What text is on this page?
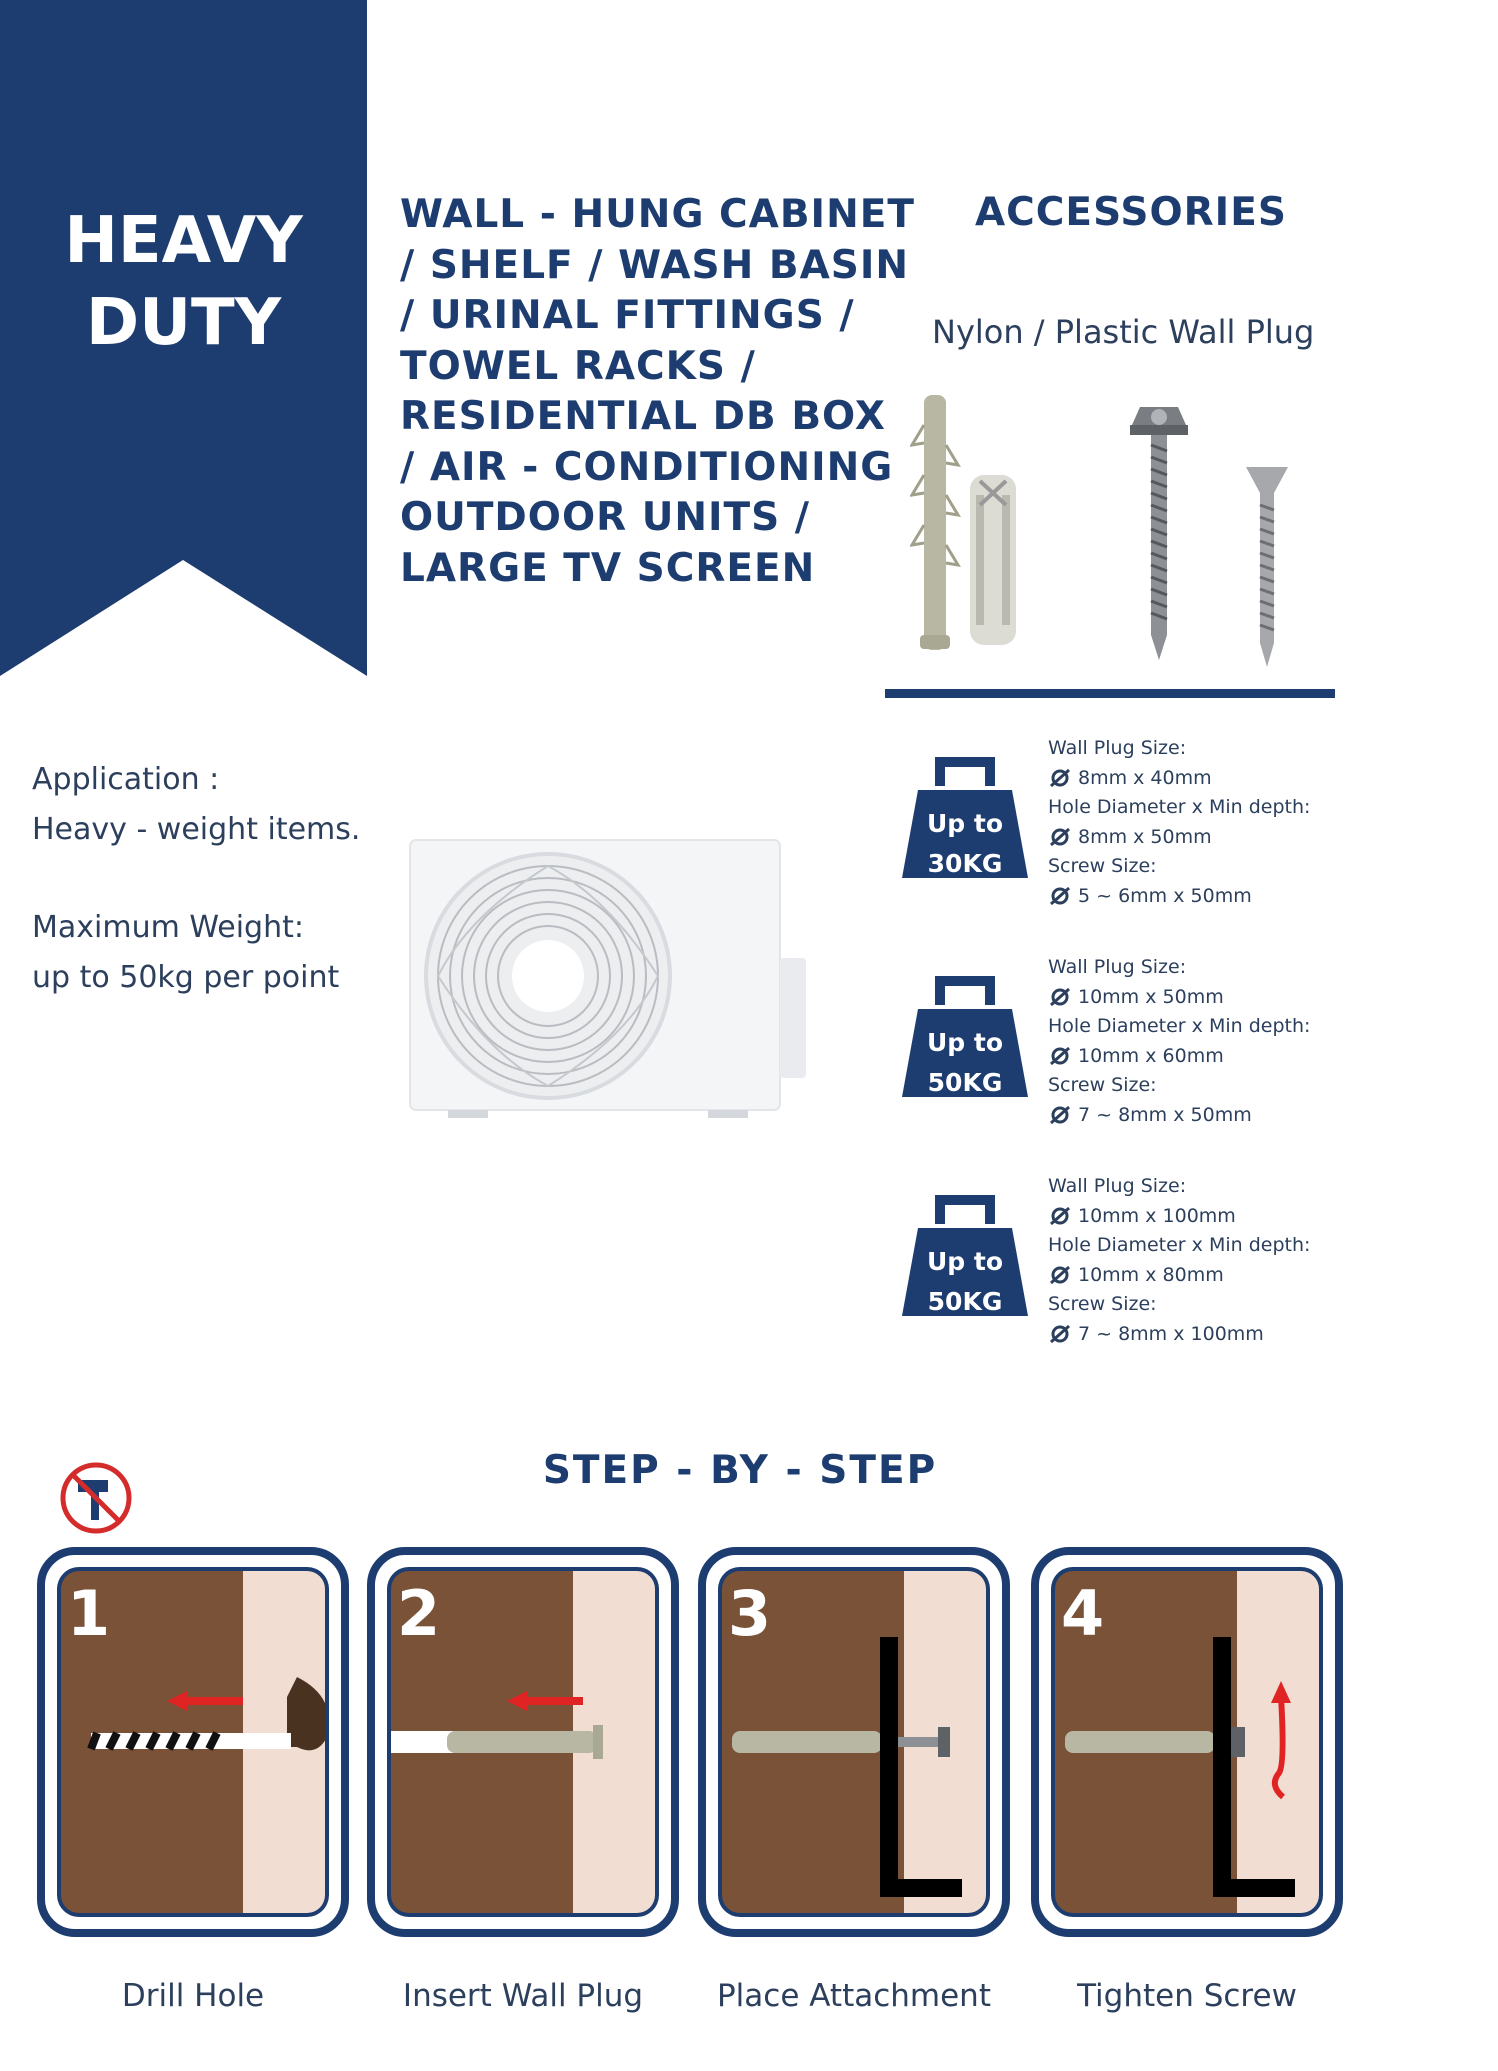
HEAVY
DUTY
WALL - HUNG CABINET
/ SHELF / WASH BASIN
/ URINAL FITTINGS /
TOWEL RACKS /
RESIDENTIAL DB BOX
/ AIR - CONDITIONING
OUTDOOR UNITS /
LARGE TV SCREEN
ACCESSORIES
Nylon / Plastic Wall Plug
Application :
Heavy - weight items.
Maximum Weight:
up to 50kg per point
Up to
30KG
Wall Plug Size:
8mm x 40mm
Hole Diameter x Min depth:
8mm x 50mm
Screw Size:
5 ~ 6mm x 50mm
Up to
50KG
Wall Plug Size:
10mm x 50mm
Hole Diameter x Min depth:
10mm x 60mm
Screw Size:
7 ~ 8mm x 50mm
Up to
50KG
Wall Plug Size:
10mm x 100mm
Hole Diameter x Min depth:
10mm x 80mm
Screw Size:
7 ~ 8mm x 100mm
STEP - BY - STEP
1	2	3	4
Drill Hole	Insert Wall Plug	Place Attachment	Tighten Screw
